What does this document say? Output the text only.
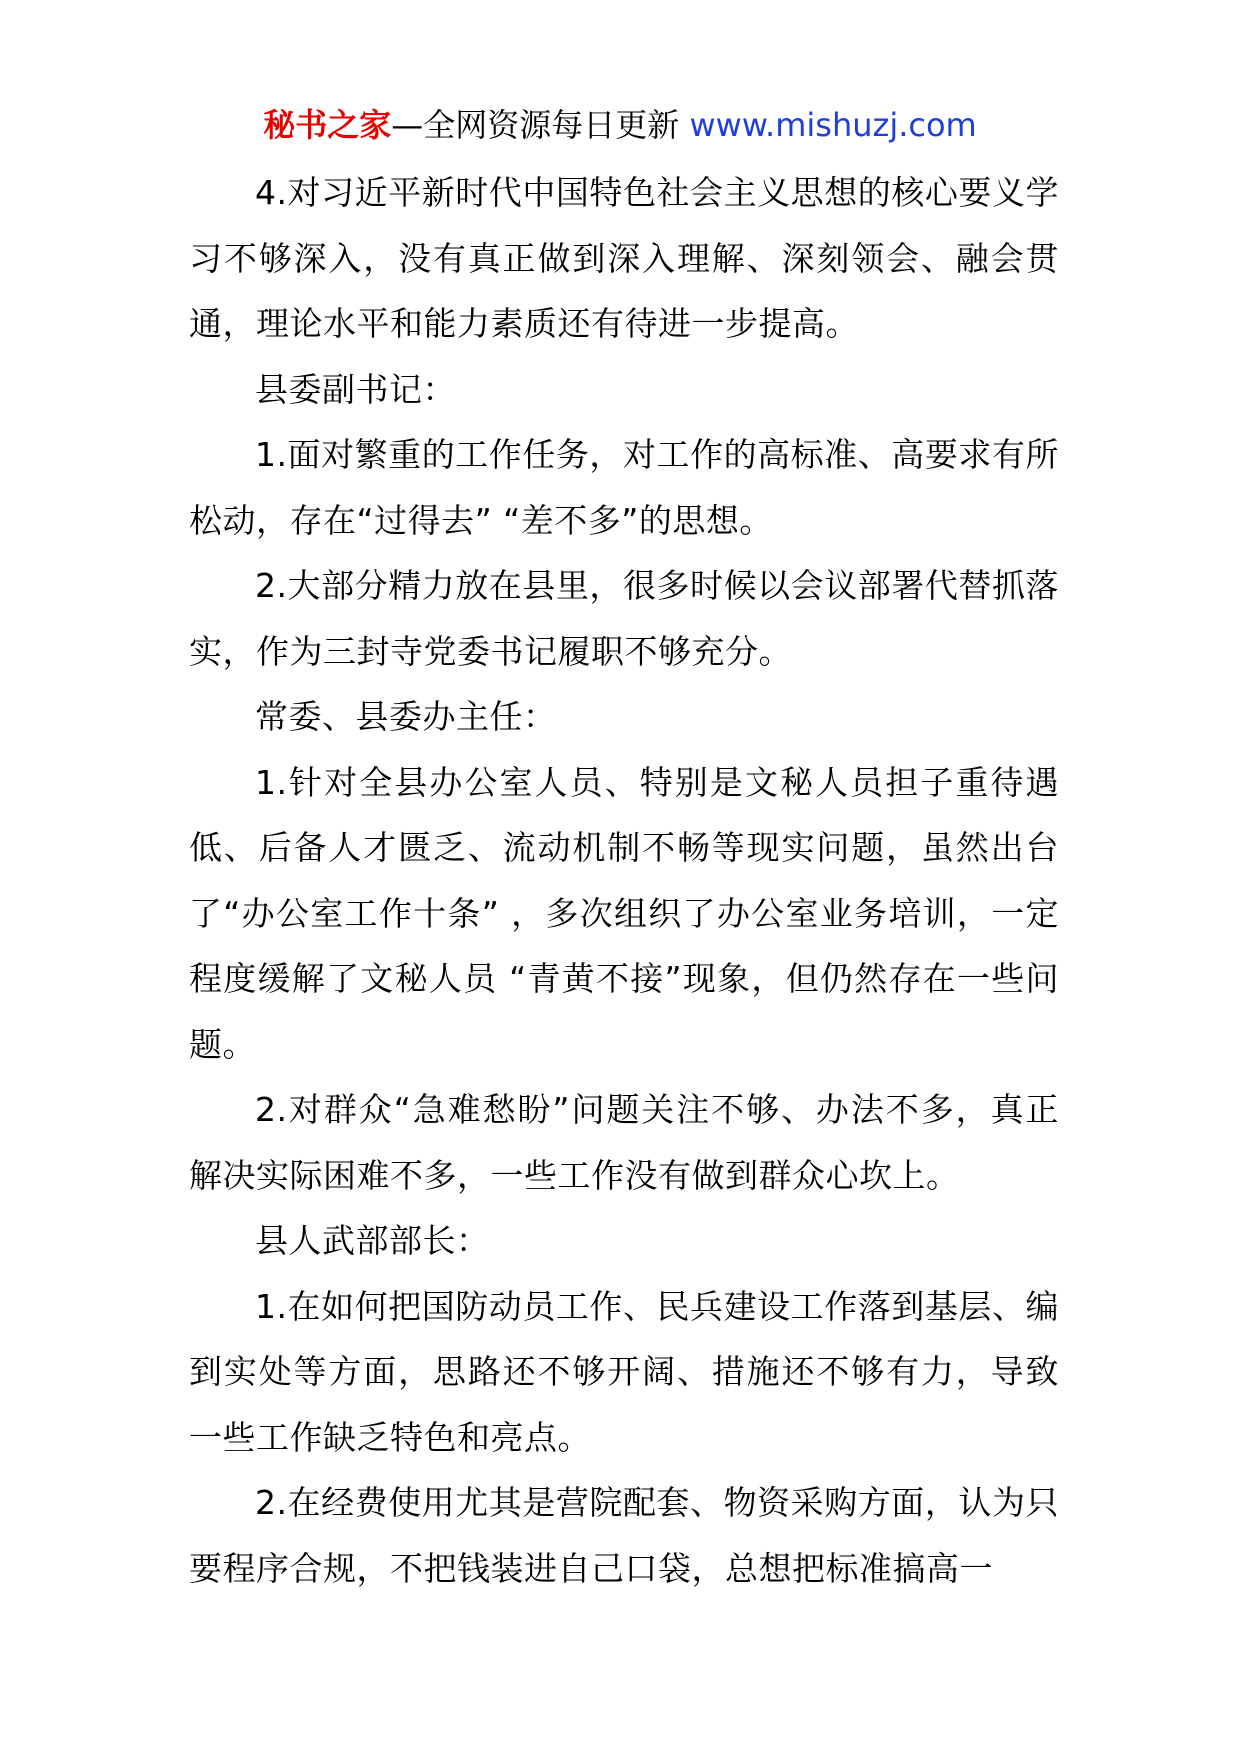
秘书之家—全网资源每日更新 www.mishuzj.com

4.对习近平新时代中国特色社会主义思想的核心要义学习不够深入，没有真正做到深入理解、深刻领会、融会贯通，理论水平和能力素质还有待进一步提高。

县委副书记：

1.面对繁重的工作任务，对工作的高标准、高要求有所松动，存在“过得去” “差不多”的思想。

2.大部分精力放在县里，很多时候以会议部署代替抓落实，作为三封寺党委书记履职不够充分。

常委、县委办主任：

1.针对全县办公室人员、特别是文秘人员担子重待遇低、后备人才匮乏、流动机制不畅等现实问题，虽然出台了“办公室工作十条” ，多次组织了办公室业务培训，一定程度缓解了文秘人员 “青黄不接”现象，但仍然存在一些问题。

2.对群众“急难愁盼”问题关注不够、办法不多，真正解决实际困难不多，一些工作没有做到群众心坎上。

县人武部部长：

1.在如何把国防动员工作、民兵建设工作落到基层、编到实处等方面，思路还不够开阔、措施还不够有力，导致一些工作缺乏特色和亮点。

2.在经费使用尤其是营院配套、物资采购方面，认为只要程序合规，不把钱装进自己口袋，总想把标准搞高一
